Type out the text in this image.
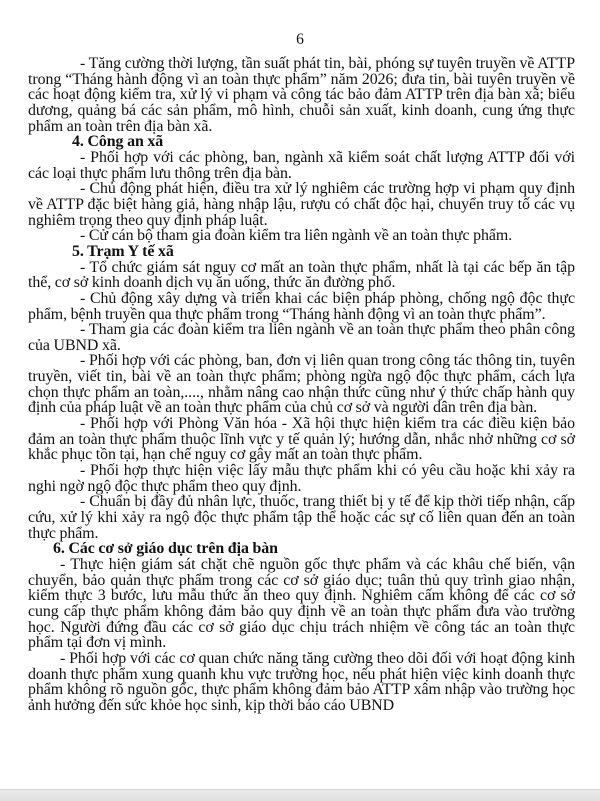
6

- Tăng cường thời lượng, tần suất phát tin, bài, phóng sự tuyên truyền về ATTP trong “Tháng hành động vì an toàn thực phẩm” năm 2026; đưa tin, bài tuyên truyền về các hoạt động kiểm tra, xử lý vi phạm và công tác bảo đảm ATTP trên địa bàn xã; biểu dương, quảng bá các sản phẩm, mô hình, chuỗi sản xuất, kinh doanh, cung ứng thực phẩm an toàn trên địa bàn xã.

4. Công an xã

- Phối hợp với các phòng, ban, ngành xã kiểm soát chất lượng ATTP đối với các loại thực phẩm lưu thông trên địa bàn.

- Chủ động phát hiện, điều tra xử lý nghiêm các trường hợp vi phạm quy định về ATTP đặc biệt hàng giả, hàng nhập lậu, rượu có chất độc hại, chuyển truy tố các vụ nghiêm trọng theo quy định pháp luật.

- Cử cán bộ tham gia đoàn kiểm tra liên ngành về an toàn thực phẩm.

5. Trạm Y tế xã

- Tổ chức giám sát nguy cơ mất an toàn thực phẩm, nhất là tại các bếp ăn tập thể, cơ sở kinh doanh dịch vụ ăn uống, thức ăn đường phố.

- Chủ động xây dựng và triển khai các biện pháp phòng, chống ngộ độc thực phẩm, bệnh truyền qua thực phẩm trong “Tháng hành động vì an toàn thực phẩm”.

- Tham gia các đoàn kiểm tra liên ngành về an toàn thực phẩm theo phân công của UBND xã.

- Phối hợp với các phòng, ban, đơn vị liên quan trong công tác thông tin, tuyên truyền, viết tin, bài về an toàn thực phẩm; phòng ngừa ngộ độc thực phẩm, cách lựa chọn thực phẩm an toàn,...., nhằm nâng cao nhận thức cũng như ý thức chấp hành quy định của pháp luật về an toàn thực phẩm của chủ cơ sở và người dân trên địa bàn.

- Phối hợp với Phòng Văn hóa - Xã hội thực hiện kiểm tra các điều kiện bảo đảm an toàn thực phẩm thuộc lĩnh vực y tế quản lý; hướng dẫn, nhắc nhở những cơ sở khắc phục tồn tại, hạn chế nguy cơ gây mất an toàn thực phẩm.

- Phối hợp thực hiện việc lấy mẫu thực phẩm khi có yêu cầu hoặc khi xảy ra nghi ngờ ngộ độc thực phẩm theo quy định.

- Chuẩn bị đầy đủ nhân lực, thuốc, trang thiết bị y tế để kịp thời tiếp nhận, cấp cứu, xử lý khi xảy ra ngộ độc thực phẩm tập thể hoặc các sự cố liên quan đến an toàn thực phẩm.

6. Các cơ sở giáo dục trên địa bàn

- Thực hiện giám sát chặt chẽ nguồn gốc thực phẩm và các khâu chế biến, vận chuyển, bảo quản thực phẩm trong các cơ sở giáo dục; tuân thủ quy trình giao nhận, kiểm thực 3 bước, lưu mẫu thức ăn theo quy định. Nghiêm cấm không để các cơ sở cung cấp thực phẩm không đảm bảo quy định về an toàn thực phẩm đưa vào trường học. Người đứng đầu các cơ sở giáo dục chịu trách nhiệm về công tác an toàn thực phẩm tại đơn vị mình.

- Phối hợp với các cơ quan chức năng tăng cường theo dõi đối với hoạt động kinh doanh thực phẩm xung quanh khu vực trường học, nếu phát hiện việc kinh doanh thực phẩm không rõ nguồn gốc, thực phẩm không đảm bảo ATTP xâm nhập vào trường học ảnh hưởng đến sức khỏe học sinh, kịp thời báo cáo UBND
